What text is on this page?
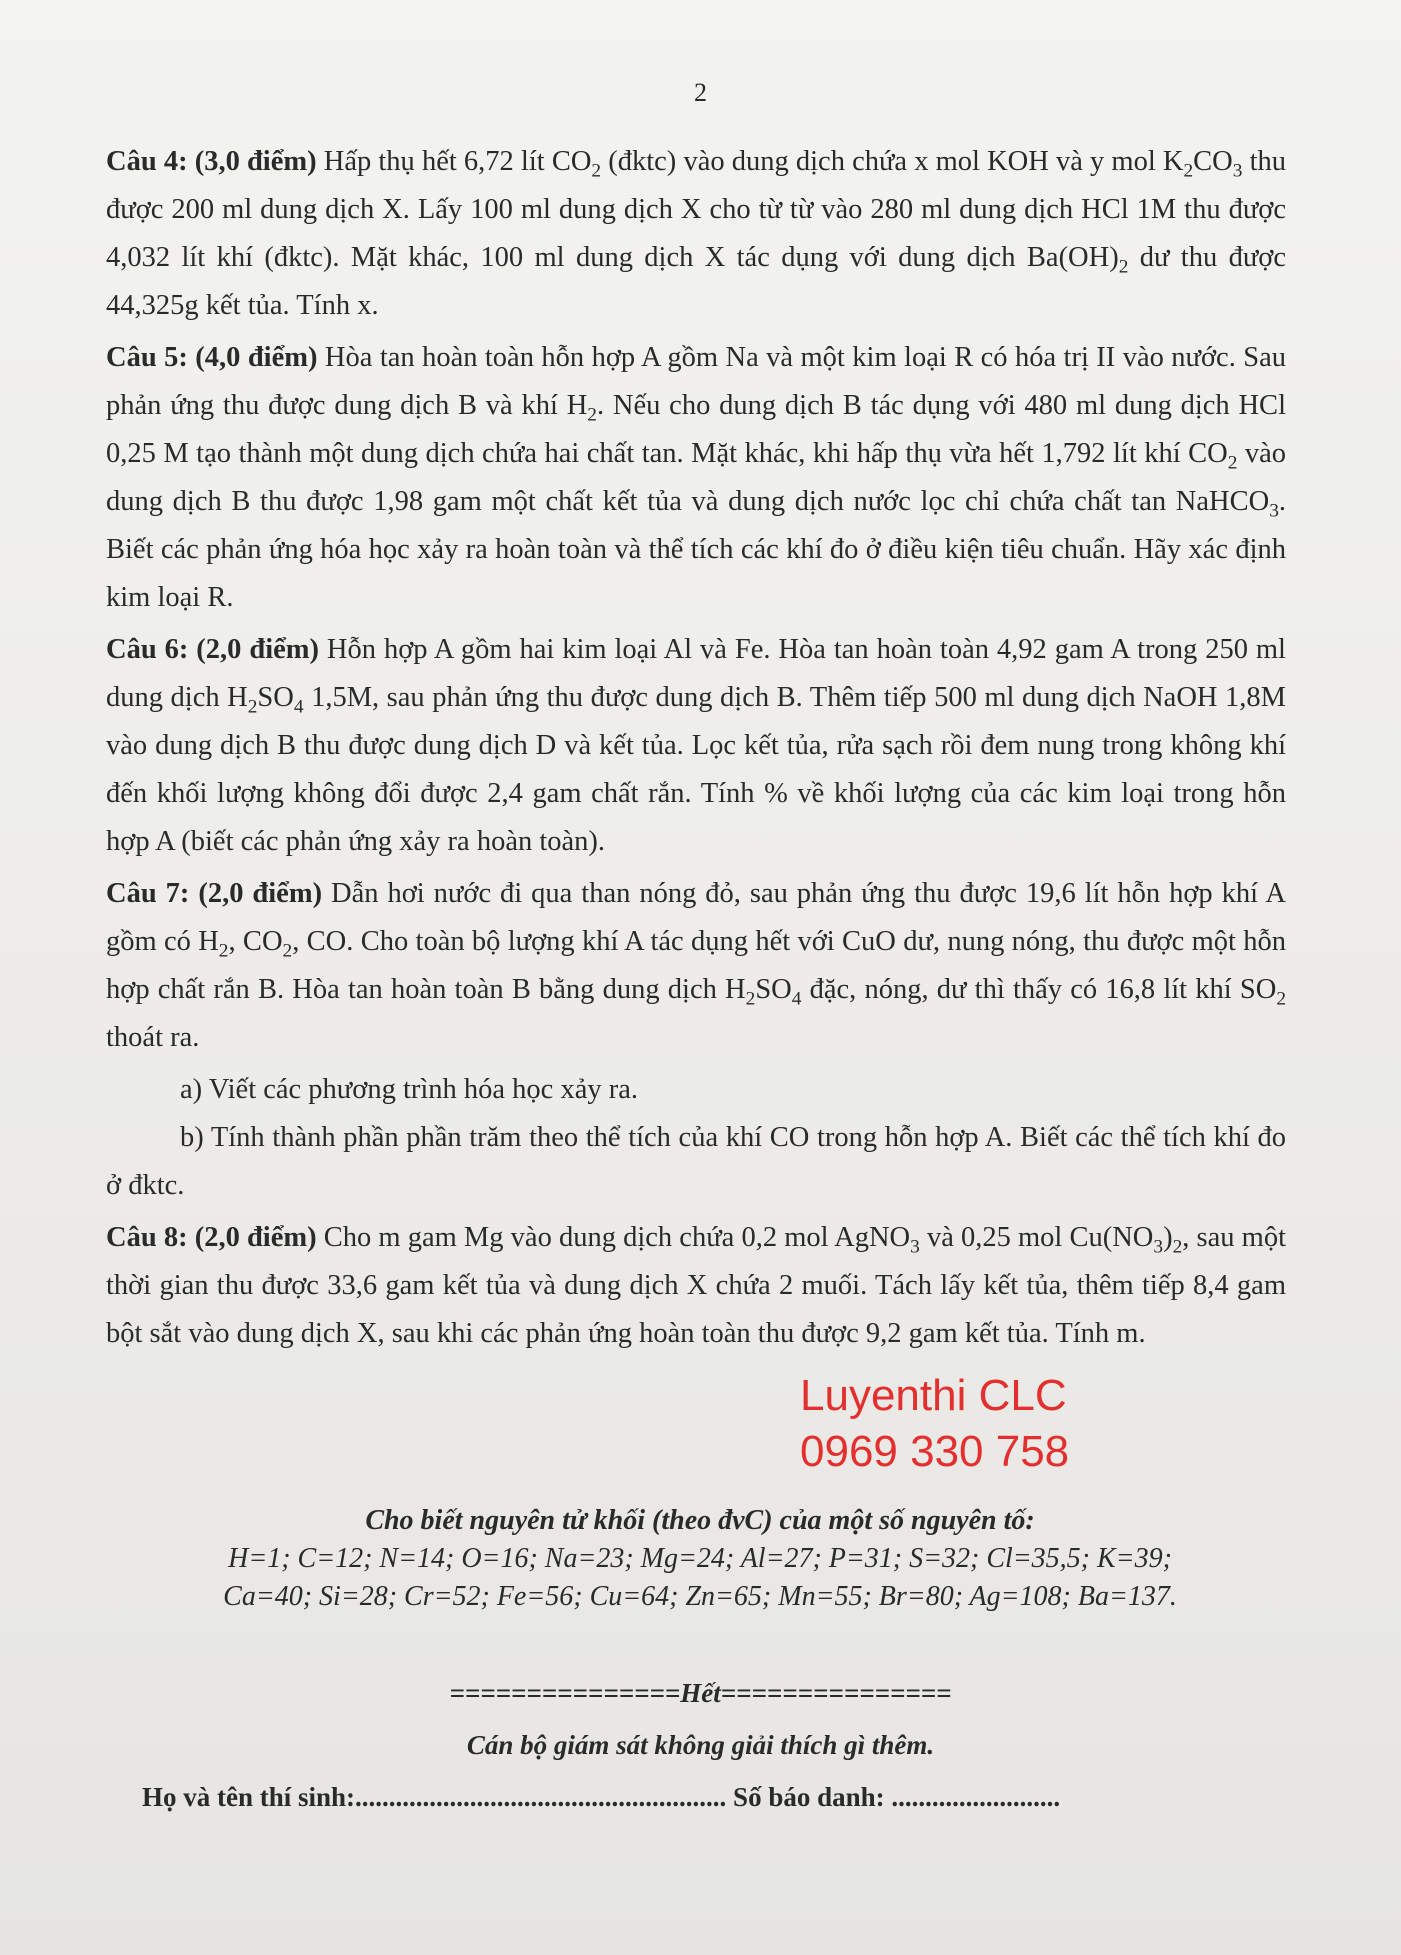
2

Câu 4: (3,0 điểm) Hấp thụ hết 6,72 lít $CO_2$ (đktc) vào dung dịch chứa x mol KOH và y mol $K_2CO_3$ thu được 200 ml dung dịch X. Lấy 100 ml dung dịch X cho từ từ vào 280 ml dung dịch HCl 1M thu được 4,032 lít khí (đktc). Mặt khác, 100 ml dung dịch X tác dụng với dung dịch $Ba(OH)_2$ dư thu được 44,325g kết tủa. Tính x.

Câu 5: (4,0 điểm) Hòa tan hoàn toàn hỗn hợp A gồm Na và một kim loại R có hóa trị II vào nước. Sau phản ứng thu được dung dịch B và khí $H_2$. Nếu cho dung dịch B tác dụng với 480 ml dung dịch HCl 0,25 M tạo thành một dung dịch chứa hai chất tan. Mặt khác, khi hấp thụ vừa hết 1,792 lít khí $CO_2$ vào dung dịch B thu được 1,98 gam một chất kết tủa và dung dịch nước lọc chỉ chứa chất tan NaHCO$_3$. Biết các phản ứng hóa học xảy ra hoàn toàn và thể tích các khí đo ở điều kiện tiêu chuẩn. Hãy xác định kim loại R.

Câu 6: (2,0 điểm) Hỗn hợp A gồm hai kim loại Al và Fe. Hòa tan hoàn toàn 4,92 gam A trong 250 ml dung dịch $H_2SO_4$ 1,5M, sau phản ứng thu được dung dịch B. Thêm tiếp 500 ml dung dịch NaOH 1,8M vào dung dịch B thu được dung dịch D và kết tủa. Lọc kết tủa, rửa sạch rồi đem nung trong không khí đến khối lượng không đổi được 2,4 gam chất rắn. Tính % về khối lượng của các kim loại trong hỗn hợp A (biết các phản ứng xảy ra hoàn toàn).

Câu 7: (2,0 điểm) Dẫn hơi nước đi qua than nóng đỏ, sau phản ứng thu được 19,6 lít hỗn hợp khí A gồm có $H_2$, $CO_2$, CO. Cho toàn bộ lượng khí A tác dụng hết với CuO dư, nung nóng, thu được một hỗn hợp chất rắn B. Hòa tan hoàn toàn B bằng dung dịch $H_2SO_4$ đặc, nóng, dư thì thấy có 16,8 lít khí $SO_2$ thoát ra.

a) Viết các phương trình hóa học xảy ra.

b) Tính thành phần phần trăm theo thể tích của khí CO trong hỗn hợp A. Biết các thể tích khí đo ở đktc.

Câu 8: (2,0 điểm) Cho m gam Mg vào dung dịch chứa 0,2 mol AgNO$_3$ và 0,25 mol $Cu(NO_3)_2$, sau một thời gian thu được 33,6 gam kết tủa và dung dịch X chứa 2 muối. Tách lấy kết tủa, thêm tiếp 8,4 gam bột sắt vào dung dịch X, sau khi các phản ứng hoàn toàn thu được 9,2 gam kết tủa. Tính m.

Luyenthi CLC
0969 330 758
Cho biết nguyên tử khối (theo đvC) của một số nguyên tố:
H=1; C=12; N=14; O=16; Na=23; Mg=24; Al=27; P=31; S=32; Cl=35,5; K=39;
Ca=40; Si=28; Cr=52; Fe=56; Cu=64; Zn=65; Mn=55; Br=80; Ag=108; Ba=137.
===============Hết===============
Cán bộ giám sát không giải thích gì thêm.
Họ và tên thí sinh:....................................................... Số báo danh: .........................
